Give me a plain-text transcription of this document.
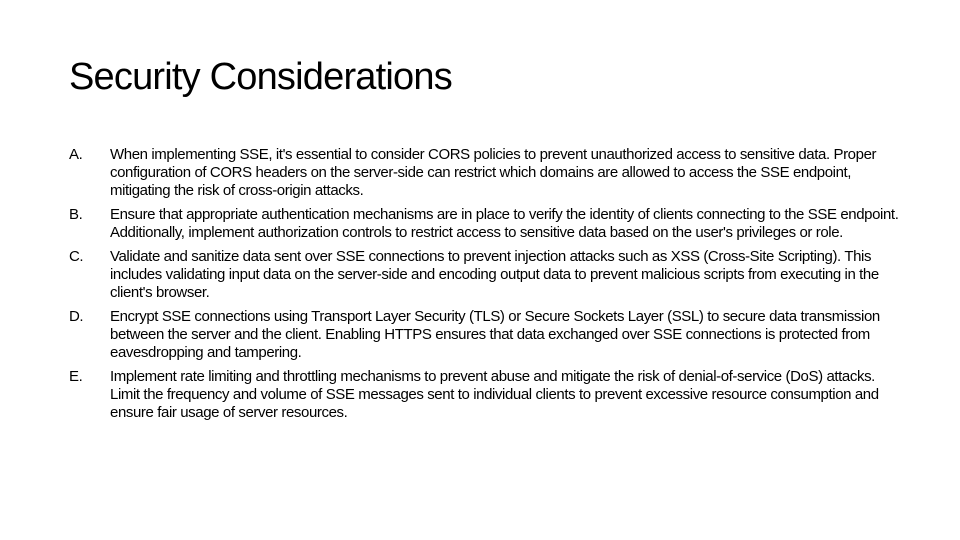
Security Considerations
A.	When implementing SSE, it's essential to consider CORS policies to prevent unauthorized access to sensitive data. Proper configuration of CORS headers on the server-side can restrict which domains are allowed to access the SSE endpoint, mitigating the risk of cross-origin attacks.
B.	Ensure that appropriate authentication mechanisms are in place to verify the identity of clients connecting to the SSE endpoint. Additionally, implement authorization controls to restrict access to sensitive data based on the user's privileges or role.
C.	Validate and sanitize data sent over SSE connections to prevent injection attacks such as XSS (Cross-Site Scripting). This includes validating input data on the server-side and encoding output data to prevent malicious scripts from executing in the client's browser.
D.	Encrypt SSE connections using Transport Layer Security (TLS) or Secure Sockets Layer (SSL) to secure data transmission between the server and the client. Enabling HTTPS ensures that data exchanged over SSE connections is protected from eavesdropping and tampering.
E.	Implement rate limiting and throttling mechanisms to prevent abuse and mitigate the risk of denial-of-service (DoS) attacks. Limit the frequency and volume of SSE messages sent to individual clients to prevent excessive resource consumption and ensure fair usage of server resources.
